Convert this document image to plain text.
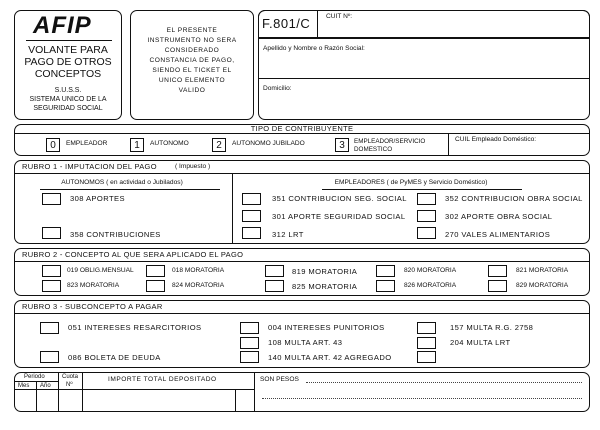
AFIP
VOLANTE PARA
PAGO DE OTROS
CONCEPTOS
S.U.S.S.
SISTEMA UNICO DE LA
SEGURIDAD SOCIAL
EL PRESENTE
INSTRUMENTO NO SERA
CONSIDERADO
CONSTANCIA DE PAGO,
SIENDO EL TICKET EL
UNICO ELEMENTO
VALIDO
F.801/C CUIT Nº:
Apellido y Nombre o Razón Social:
Domicilio:
TIPO DE CONTRIBUYENTE
0	EMPLEADOR	1	AUTONOMO	2	AUTONOMO JUBILADO	3	EMPLEADOR/SERVICIO DOMESTICO
CUIL Empleado Doméstico:
RUBRO 1 - IMPUTACION DEL PAGO	( Impuesto )
AUTONOMOS ( en actividad o Jubilados)	EMPLEADORES ( de PyMES y Servicio Doméstico)
308 APORTES
358 CONTRIBUCIONES
351 CONTRIBUCION SEG. SOCIAL
301 APORTE SEGURIDAD SOCIAL
312 LRT
352 CONTRIBUCION OBRA SOCIAL
302 APORTE OBRA SOCIAL
270 VALES ALIMENTARIOS
RUBRO 2 - CONCEPTO AL QUE SERA APLICADO EL PAGO
019 OBLIG.MENSUAL	018 MORATORIA	819 MORATORIA	820 MORATORIA	821 MORATORIA
823 MORATORIA	824 MORATORIA	825 MORATORIA	826 MORATORIA	829 MORATORIA
RUBRO 3 - SUBCONCEPTO A PAGAR
051 INTERESES RESARCITORIOS
086 BOLETA DE DEUDA
004 INTERESES PUNITORIOS
108 MULTA ART. 43
140 MULTA ART. 42 AGREGADO
157 MULTA R.G. 2758
204 MULTA LRT
Periodo
Mes Año
Cuota
Nº
IMPORTE TOTAL DEPOSITADO	SON PESOS
